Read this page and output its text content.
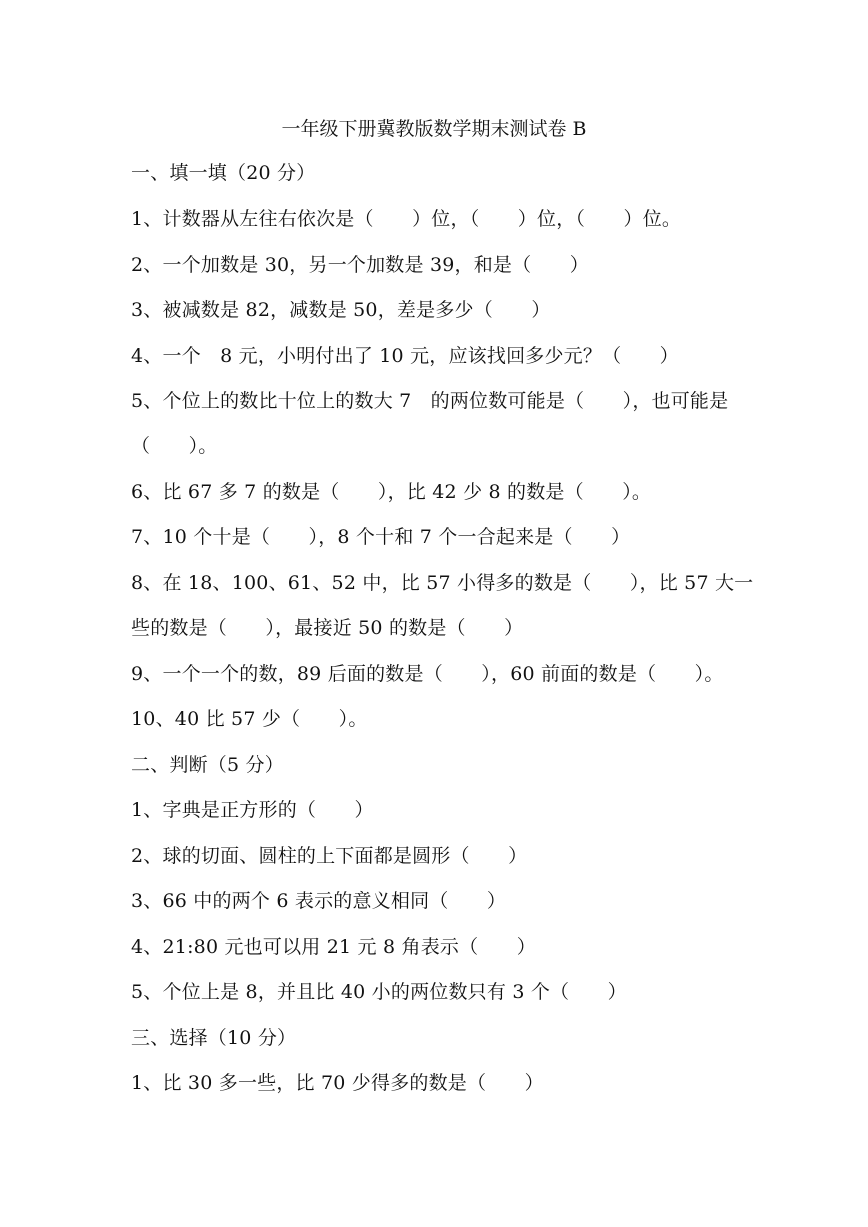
一年级下册冀教版数学期末测试卷 B
一、填一填（20 分）
1、计数器从左往右依次是（　　）位，（　　）位，（　　）位。
2、一个加数是 30，另一个加数是 39，和是（　　）
3、被减数是 82，减数是 50，差是多少（　　）
4、一个　8 元，小明付出了 10 元，应该找回多少元？（　　）
5、个位上的数比十位上的数大 7　的两位数可能是（　　），也可能是
（　　）。
6、比 67 多 7 的数是（　　），比 42 少 8 的数是（　　）。
7、10 个十是（　　），8 个十和 7 个一合起来是（　　）
8、在 18、100、61、52 中，比 57 小得多的数是（　　），比 57 大一
些的数是（　　），最接近 50 的数是（　　）
9、一个一个的数，89 后面的数是（　　），60 前面的数是（　　）。
10、40 比 57 少（　　）。
二、判断（5 分）
1、字典是正方形的（　　）
2、球的切面、圆柱的上下面都是圆形（　　）
3、66 中的两个 6 表示的意义相同（　　）
4、21:80 元也可以用 21 元 8 角表示（　　）
5、个位上是 8，并且比 40 小的两位数只有 3 个（　　）
三、选择（10 分）
1、比 30 多一些，比 70 少得多的数是（　　）
